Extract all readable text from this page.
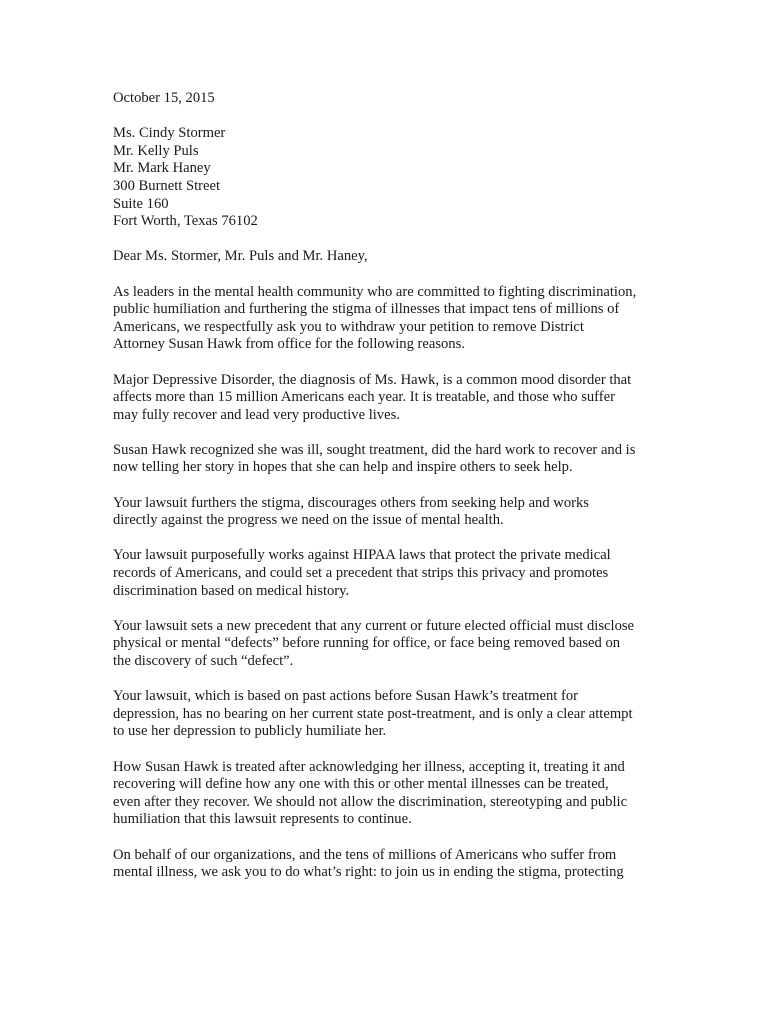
October 15, 2015
Ms. Cindy Stormer
Mr. Kelly Puls
Mr. Mark Haney
300 Burnett Street
Suite 160
Fort Worth, Texas 76102
Dear Ms. Stormer, Mr. Puls and Mr. Haney,
As leaders in the mental health community who are committed to fighting discrimination,
public humiliation and furthering the stigma of illnesses that impact tens of millions of
Americans, we respectfully ask you to withdraw your petition to remove District
Attorney Susan Hawk from office for the following reasons.
Major Depressive Disorder, the diagnosis of Ms. Hawk, is a common mood disorder that
affects more than 15 million Americans each year. It is treatable, and those who suffer
may fully recover and lead very productive lives.
Susan Hawk recognized she was ill, sought treatment, did the hard work to recover and is
now telling her story in hopes that she can help and inspire others to seek help.
Your lawsuit furthers the stigma, discourages others from seeking help and works
directly against the progress we need on the issue of mental health.
Your lawsuit purposefully works against HIPAA laws that protect the private medical
records of Americans, and could set a precedent that strips this privacy and promotes
discrimination based on medical history.
Your lawsuit sets a new precedent that any current or future elected official must disclose
physical or mental “defects” before running for office, or face being removed based on
the discovery of such “defect”.
Your lawsuit, which is based on past actions before Susan Hawk’s treatment for
depression, has no bearing on her current state post-treatment, and is only a clear attempt
to use her depression to publicly humiliate her.
How Susan Hawk is treated after acknowledging her illness, accepting it, treating it and
recovering will define how any one with this or other mental illnesses can be treated,
even after they recover. We should not allow the discrimination, stereotyping and public
humiliation that this lawsuit represents to continue.
On behalf of our organizations, and the tens of millions of Americans who suffer from
mental illness, we ask you to do what’s right: to join us in ending the stigma, protecting
